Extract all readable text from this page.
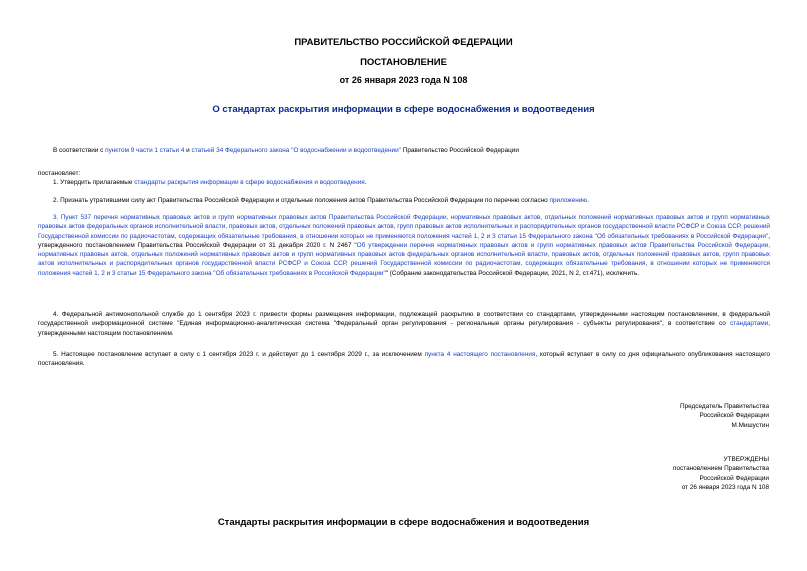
ПРАВИТЕЛЬСТВО РОССИЙСКОЙ ФЕДЕРАЦИИ
ПОСТАНОВЛЕНИЕ
от 26 января 2023 года N 108
О стандартах раскрытия информации в сфере водоснабжения и водоотведения
В соответствии с пунктом 9 части 1 статьи 4 и статьей 34 Федерального закона "О водоснабжении и водоотведении" Правительство Российской Федерации
постановляет:
1. Утвердить прилагаемые стандарты раскрытия информации в сфере водоснабжения и водоотведения.
2. Признать утратившими силу акт Правительства Российской Федерации и отдельные положения актов Правительства Российской Федерации по перечню согласно приложению.
3. Пункт 537 перечня нормативных правовых актов и групп нормативных правовых актов Правительства Российской Федерации, нормативных правовых актов, отдельных положений нормативных правовых актов и групп нормативных правовых актов федеральных органов исполнительной власти, правовых актов, отдельных положений правовых актов, групп правовых актов исполнительных и распорядительных органов государственной власти РСФСР и Союза ССР, решений Государственной комиссии по радиочастотам, содержащих обязательные требования, в отношении которых не применяются положения частей 1, 2 и 3 статьи 15 Федерального закона "Об обязательных требованиях в Российской Федерации", утвержденного постановлением Правительства Российской Федерации от 31 декабря 2020 г. N 2467 "Об утверждении перечня нормативных правовых актов и групп нормативных правовых актов Правительства Российской Федерации, нормативных правовых актов, отдельных положений нормативных правовых актов и групп нормативных правовых актов федеральных органов исполнительной власти, правовых актов, отдельных положений правовых актов, групп правовых актов исполнительных и распорядительных органов государственной власти РСФСР и Союза ССР, решений Государственной комиссии по радиочастотам, содержащих обязательные требования, в отношении которых не применяются положения частей 1, 2 и 3 статьи 15 Федерального закона "Об обязательных требованиях в Российской Федерации"" (Собрание законодательства Российской Федерации, 2021, N 2, ст.471), исключить.
4. Федеральной антимонопольной службе до 1 сентября 2023 г. привести формы размещения информации, подлежащей раскрытию в соответствии со стандартами, утвержденными настоящим постановлением, в федеральной государственной информационной системе "Единая информационно-аналитическая система "Федеральный орган регулирования - региональные органы регулирования - субъекты регулирования", в соответствие со стандартами, утвержденными настоящим постановлением.
5. Настоящее постановление вступает в силу с 1 сентября 2023 г. и действует до 1 сентября 2029 г., за исключением пункта 4 настоящего постановления, который вступает в силу со дня официального опубликования настоящего постановления.
Председатель Правительства
Российской Федерации
М.Мишустин
УТВЕРЖДЕНЫ
постановлением Правительства
Российской Федерации
от 26 января 2023 года N 108
Стандарты раскрытия информации в сфере водоснабжения и водоотведения
